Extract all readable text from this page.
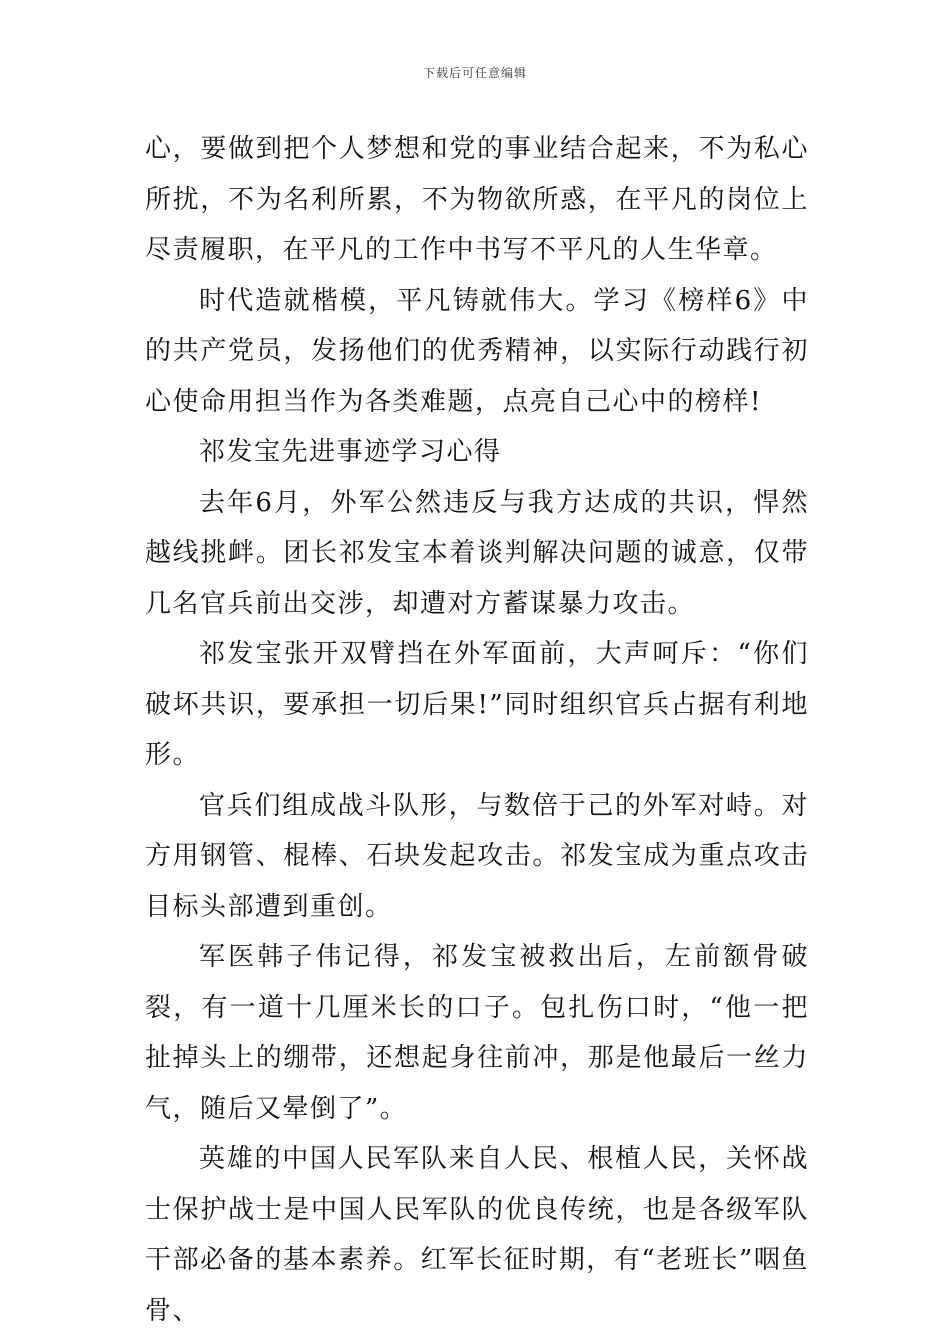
下载后可任意编辑

心，要做到把个人梦想和党的事业结合起来，不为私心所扰，不为名利所累，不为物欲所惑，在平凡的岗位上尽责履职，在平凡的工作中书写不平凡的人生华章。

时代造就楷模，平凡铸就伟大。学习《榜样6》中的共产党员，发扬他们的优秀精神，以实际行动践行初心使命用担当作为各类难题，点亮自己心中的榜样!

祁发宝先进事迹学习心得

去年6月，外军公然违反与我方达成的共识，悍然越线挑衅。团长祁发宝本着谈判解决问题的诚意，仅带几名官兵前出交涉，却遭对方蓄谋暴力攻击。

祁发宝张开双臂挡在外军面前，大声呵斥：“你们破坏共识，要承担一切后果!”同时组织官兵占据有利地形。

官兵们组成战斗队形，与数倍于己的外军对峙。对方用钢管、棍棒、石块发起攻击。祁发宝成为重点攻击目标头部遭到重创。

军医韩子伟记得，祁发宝被救出后，左前额骨破裂，有一道十几厘米长的口子。包扎伤口时，“他一把扯掉头上的绷带，还想起身往前冲，那是他最后一丝力气，随后又晕倒了”。

英雄的中国人民军队来自人民、根植人民，关怀战士保护战士是中国人民军队的优良传统，也是各级军队干部必备的基本素养。红军长征时期，有“老班长”咽鱼骨、
